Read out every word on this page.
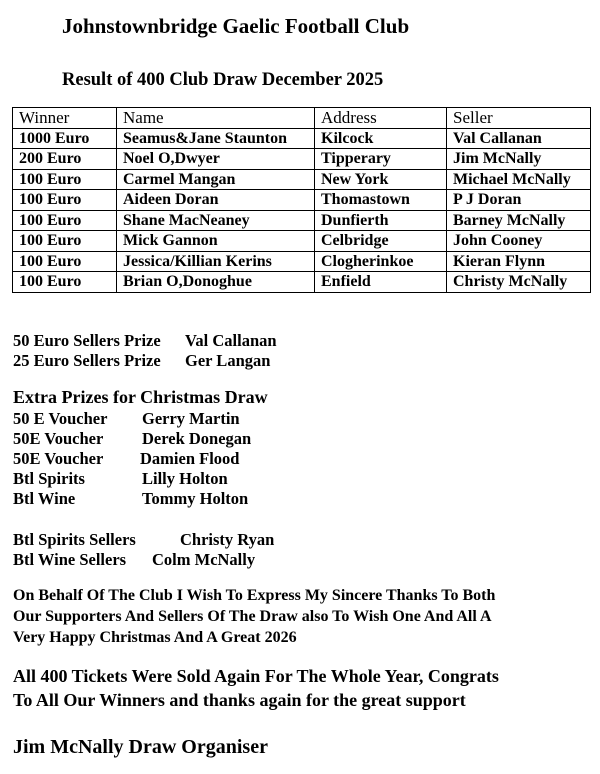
Johnstownbridge Gaelic Football Club
Result of 400 Club Draw December 2025
Winner	Name	Address	Seller
1000 Euro	Seamus&Jane Staunton	Kilcock	Val Callanan
200 Euro	Noel O,Dwyer	Tipperary	Jim McNally
100 Euro	Carmel Mangan	New York	Michael McNally
100 Euro	Aideen Doran	Thomastown	P J Doran
100 Euro	Shane MacNeaney	Dunfierth	Barney McNally
100 Euro	Mick Gannon	Celbridge	John Cooney
100 Euro	Jessica/Killian Kerins	Clogherinkoe	Kieran Flynn
100 Euro	Brian O,Donoghue	Enfield	Christy McNally
50 Euro Sellers Prize Val Callanan
25 Euro Sellers Prize Ger Langan
Extra Prizes for Christmas Draw
50 E Voucher Gerry Martin
50E Voucher Derek Donegan
50E Voucher Damien Flood
Btl Spirits	Lilly Holton
Btl Wine	Tommy Holton
Btl Spirits Sellers	Christy Ryan
Btl Wine Sellers Colm McNally
On Behalf Of The Club I Wish To Express My Sincere Thanks To Both
Our Supporters And Sellers Of The Draw also To Wish One And All A
Very Happy Christmas And A Great 2026
All 400 Tickets Were Sold Again For The Whole Year, Congrats
To All Our Winners and thanks again for the great support
Jim McNally Draw Organiser
